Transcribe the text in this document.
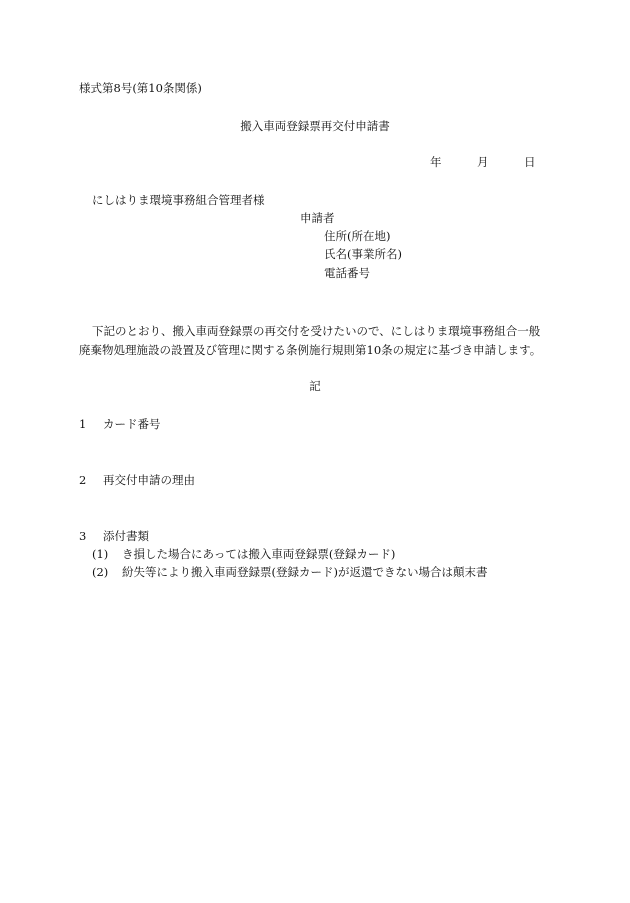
様式第8号(第10条関係)
搬入車両登録票再交付申請書
年	月	日
にしはりま環境事務組合管理者様
申請者
住所(所在地)
氏名(事業所名)
電話番号
下記のとおり、搬入車両登録票の再交付を受けたいので、にしはりま環境事務組合一般
廃棄物処理施設の設置及び管理に関する条例施行規則第10条の規定に基づき申請します。
記
1 カード番号
2 再交付申請の理由
3 添付書類
(1) き損した場合にあっては搬入車両登録票(登録カード)
(2) 紛失等により搬入車両登録票(登録カード)が返還できない場合は顛末書
